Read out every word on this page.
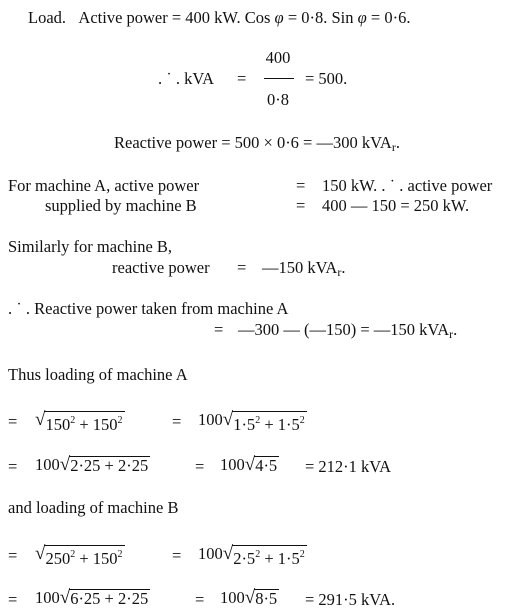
Load. Active power = 400 kW. Cos φ = 0·8. Sin φ = 0·6.
. ˙ . kVA =
400
0·8
= 500.
Reactive power = 500 × 0·6 = —300 kVA$_r$.
For machine A, active power	= 150 kW. . ˙ . active power
supplied by machine B	= 400 — 150 = 250 kW.
Similarly for machine B,
reactive power = —150 kVA$_r$.
. ˙ . Reactive power taken from machine A
= —300 — (—150) = —150 kVA$_r$.
Thus loading of machine A
= √ $150^2 + 150^2$	= 100 √ $1\cdot 5^2 + 1\cdot 5^2$
= 100 √ 2·25 + 2·25	= 100 √ 4·5 = 212·1 kVA
and loading of machine B
= √ $250^2 + 150^2$	= 100 √ $2\cdot 5^2 + 1\cdot 5^2$
= 100 √ 6·25 + 2·25	= 100 √ 8·5 = 291·5 kVA.
